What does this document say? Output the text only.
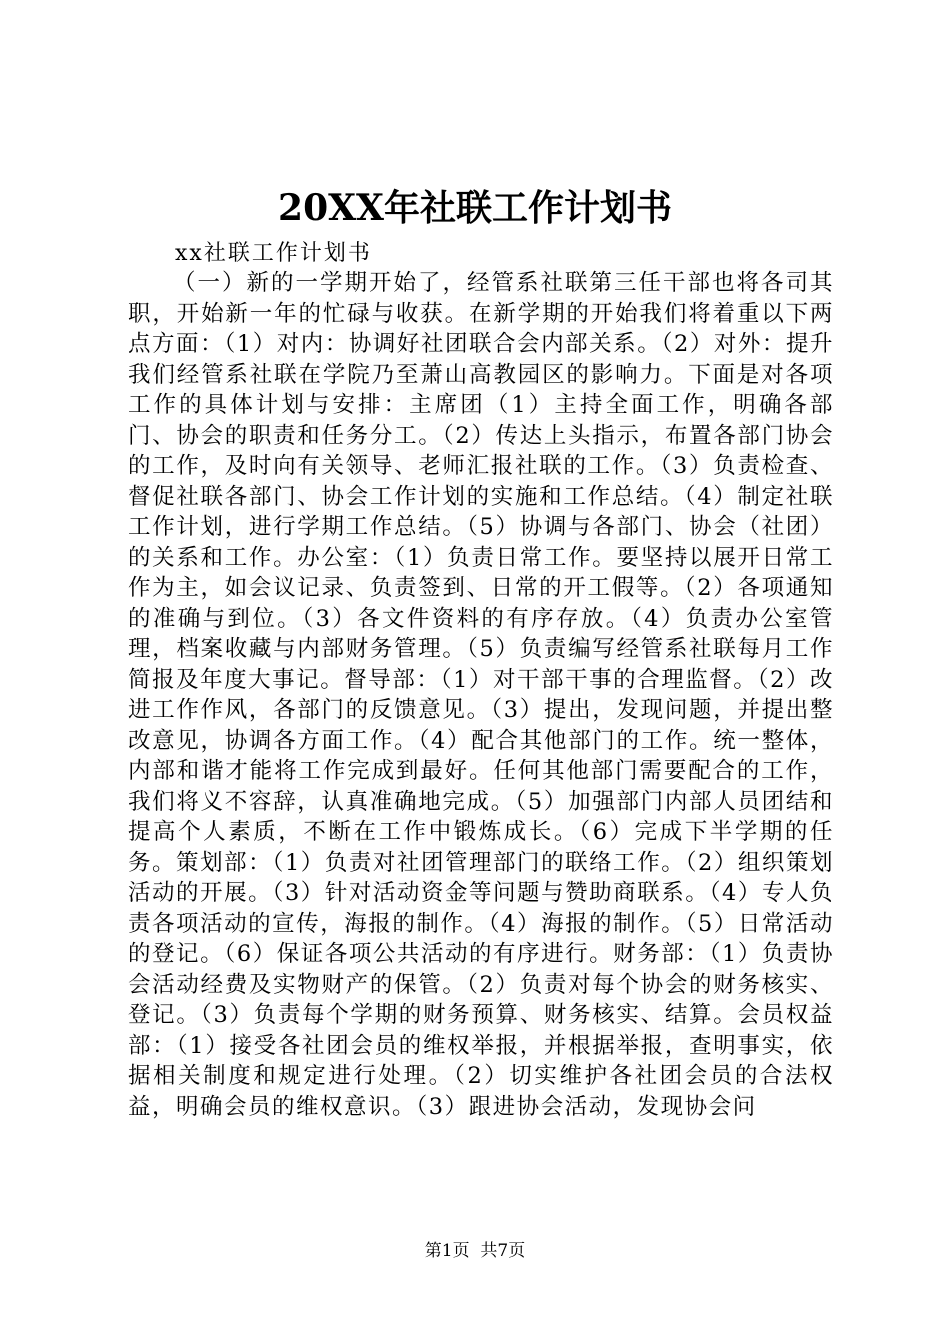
20XX年社联工作计划书
xx社联工作计划书

（一）新的一学期开始了，经管系社联第三任干部也将各司其职，开始新一年的忙碌与收获。在新学期的开始我们将着重以下两点方面：（1）对内：协调好社团联合会内部关系。（2）对外：提升我们经管系社联在学院乃至萧山高教园区的影响力。下面是对各项工作的具体计划与安排：主席团（1）主持全面工作，明确各部门、协会的职责和任务分工。（2）传达上头指示，布置各部门协会的工作，及时向有关领导、老师汇报社联的工作。（3）负责检查、督促社联各部门、协会工作计划的实施和工作总结。（4）制定社联工作计划，进行学期工作总结。（5）协调与各部门、协会（社团）的关系和工作。办公室：（1）负责日常工作。要坚持以展开日常工作为主，如会议记录、负责签到、日常的开工假等。（2）各项通知的准确与到位。（3）各文件资料的有序存放。（4）负责办公室管理，档案收藏与内部财务管理。（5）负责编写经管系社联每月工作简报及年度大事记。督导部：（1）对干部干事的合理监督。（2）改进工作作风，各部门的反馈意见。（3）提出，发现问题，并提出整改意见，协调各方面工作。（4）配合其他部门的工作。统一整体，内部和谐才能将工作完成到最好。任何其他部门需要配合的工作，我们将义不容辞，认真准确地完成。（5）加强部门内部人员团结和提高个人素质，不断在工作中锻炼成长。（6）完成下半学期的任务。策划部：（1）负责对社团管理部门的联络工作。（2）组织策划活动的开展。（3）针对活动资金等问题与赞助商联系。（4）专人负责各项活动的宣传，海报的制作。（4）海报的制作。（5）日常活动的登记。（6）保证各项公共活动的有序进行。财务部：（1）负责协会活动经费及实物财产的保管。（2）负责对每个协会的财务核实、登记。（3）负责每个学期的财务预算、财务核实、结算。会员权益部：（1）接受各社团会员的维权举报，并根据举报，查明事实，依据相关制度和规定进行处理。（2）切实维护各社团会员的合法权益，明确会员的维权意识。（3）跟进协会活动，发现协会问

第1页  共7页
